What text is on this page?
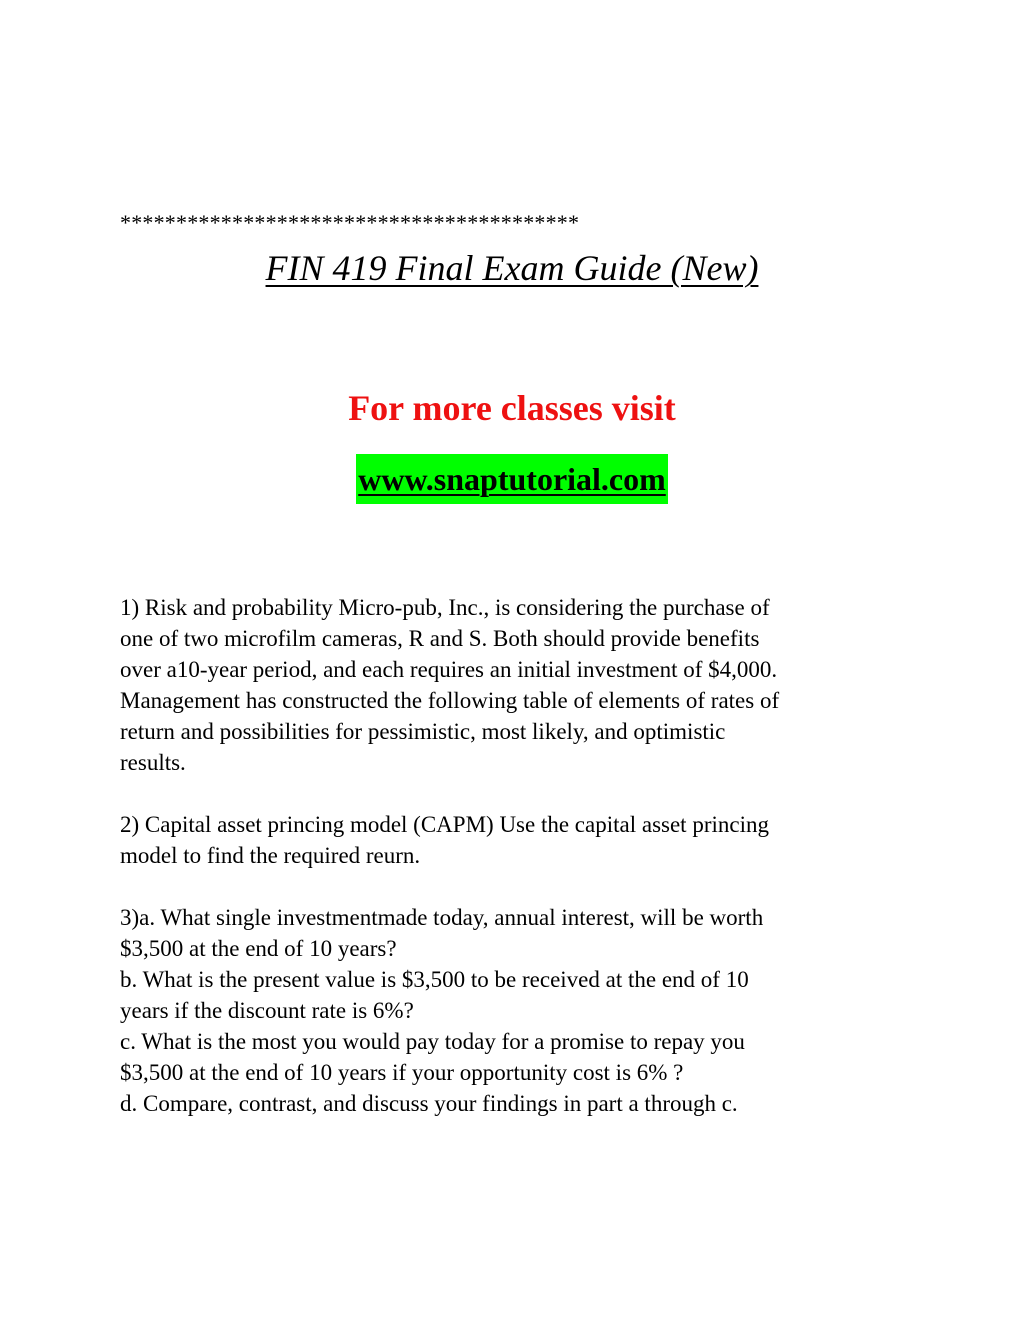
*****************************************
FIN 419 Final Exam Guide (New)
For more classes visit
www.snaptutorial.com

1) Risk and probability Micro-pub, Inc., is considering the purchase of
one of two microfilm cameras, R and S. Both should provide benefits
over a10-year period, and each requires an initial investment of $4,000.
Management has constructed the following table of elements of rates of
return and possibilities for pessimistic, most likely, and optimistic
results.

2) Capital asset princing model (CAPM) Use the capital asset princing
model to find the required reurn.

3)a. What single investmentmade today, annual interest, will be worth
$3,500 at the end of 10 years?
b. What is the present value is $3,500 to be received at the end of 10
years if the discount rate is 6%?
c. What is the most you would pay today for a promise to repay you
$3,500 at the end of 10 years if your opportunity cost is 6% ?
d. Compare, contrast, and discuss your findings in part a through c.
